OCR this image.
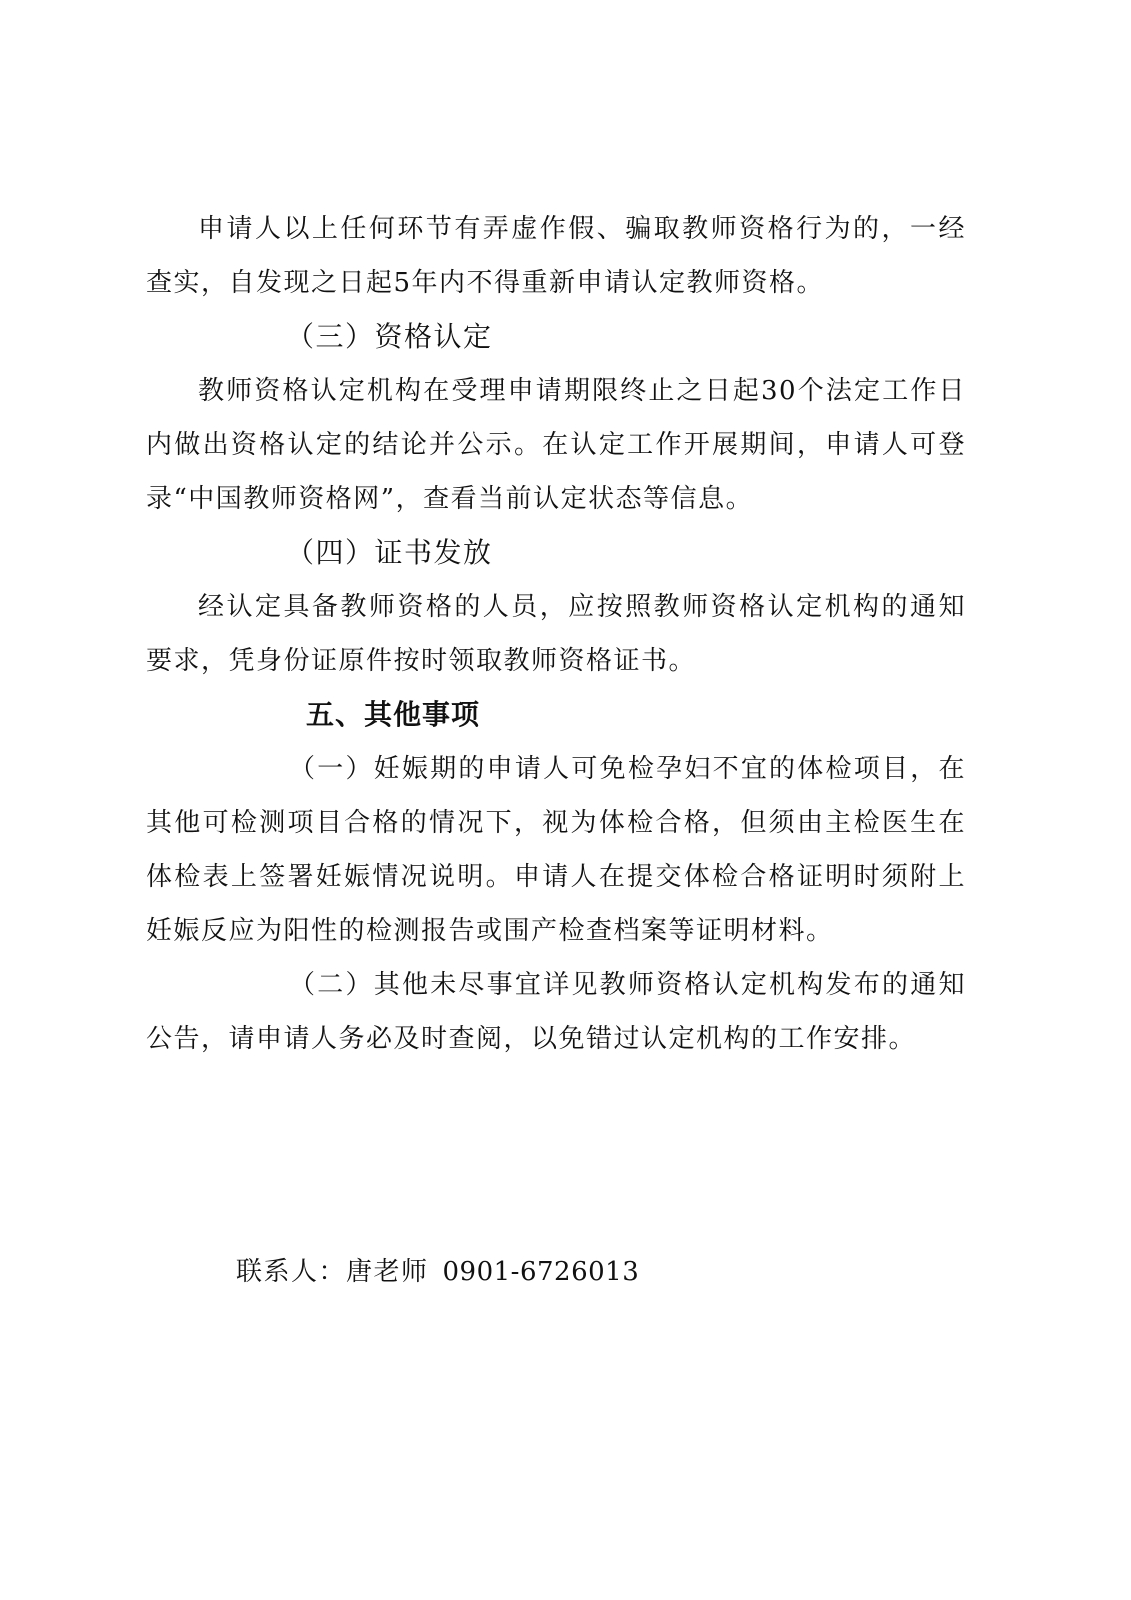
申请人以上任何环节有弄虚作假、骗取教师资格行为的，一经查实，自发现之日起5年内不得重新申请认定教师资格。

（三）资格认定

教师资格认定机构在受理申请期限终止之日起30个法定工作日内做出资格认定的结论并公示。在认定工作开展期间，申请人可登录“中国教师资格网”，查看当前认定状态等信息。

（四）证书发放

经认定具备教师资格的人员，应按照教师资格认定机构的通知要求，凭身份证原件按时领取教师资格证书。

五、其他事项

（一）妊娠期的申请人可免检孕妇不宜的体检项目，在其他可检测项目合格的情况下，视为体检合格，但须由主检医生在体检表上签署妊娠情况说明。申请人在提交体检合格证明时须附上妊娠反应为阳性的检测报告或围产检查档案等证明材料。

（二）其他未尽事宜详见教师资格认定机构发布的通知公告，请申请人务必及时查阅，以免错过认定机构的工作安排。

联系人：唐老师 0901-6726013
